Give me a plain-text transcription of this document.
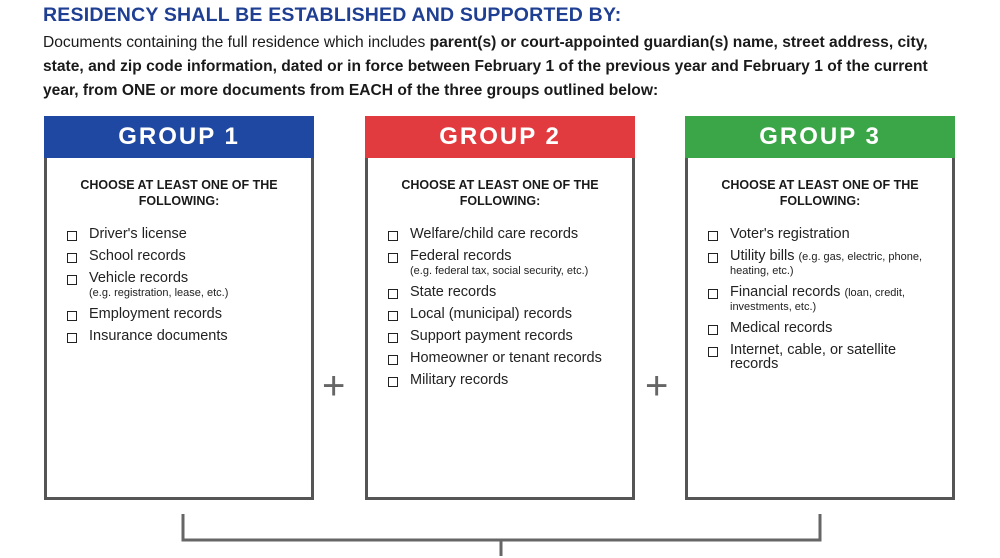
RESIDENCY SHALL BE ESTABLISHED AND SUPPORTED BY:
Documents containing the full residence which includes parent(s) or court-appointed guardian(s) name, street address, city, state, and zip code information, dated or in force between February 1 of the previous year and February 1 of the current year, from ONE or more documents from EACH of the three groups outlined below:
GROUP 1
CHOOSE AT LEAST ONE OF THE FOLLOWING:
Driver's license
School records
Vehicle records
(e.g. registration, lease, etc.)
Employment records
Insurance documents
+
GROUP 2
CHOOSE AT LEAST ONE OF THE FOLLOWING:
Welfare/child care records
Federal records
(e.g. federal tax, social security, etc.)
State records
Local (municipal) records
Support payment records
Homeowner or tenant records
Military records	+
GROUP 3
CHOOSE AT LEAST ONE OF THE FOLLOWING:
Voter's registration
Utility bills (e.g. gas, electric, phone, heating, etc.)
Financial records (loan, credit, investments, etc.)
Medical records
Internet, cable, or satellite records
